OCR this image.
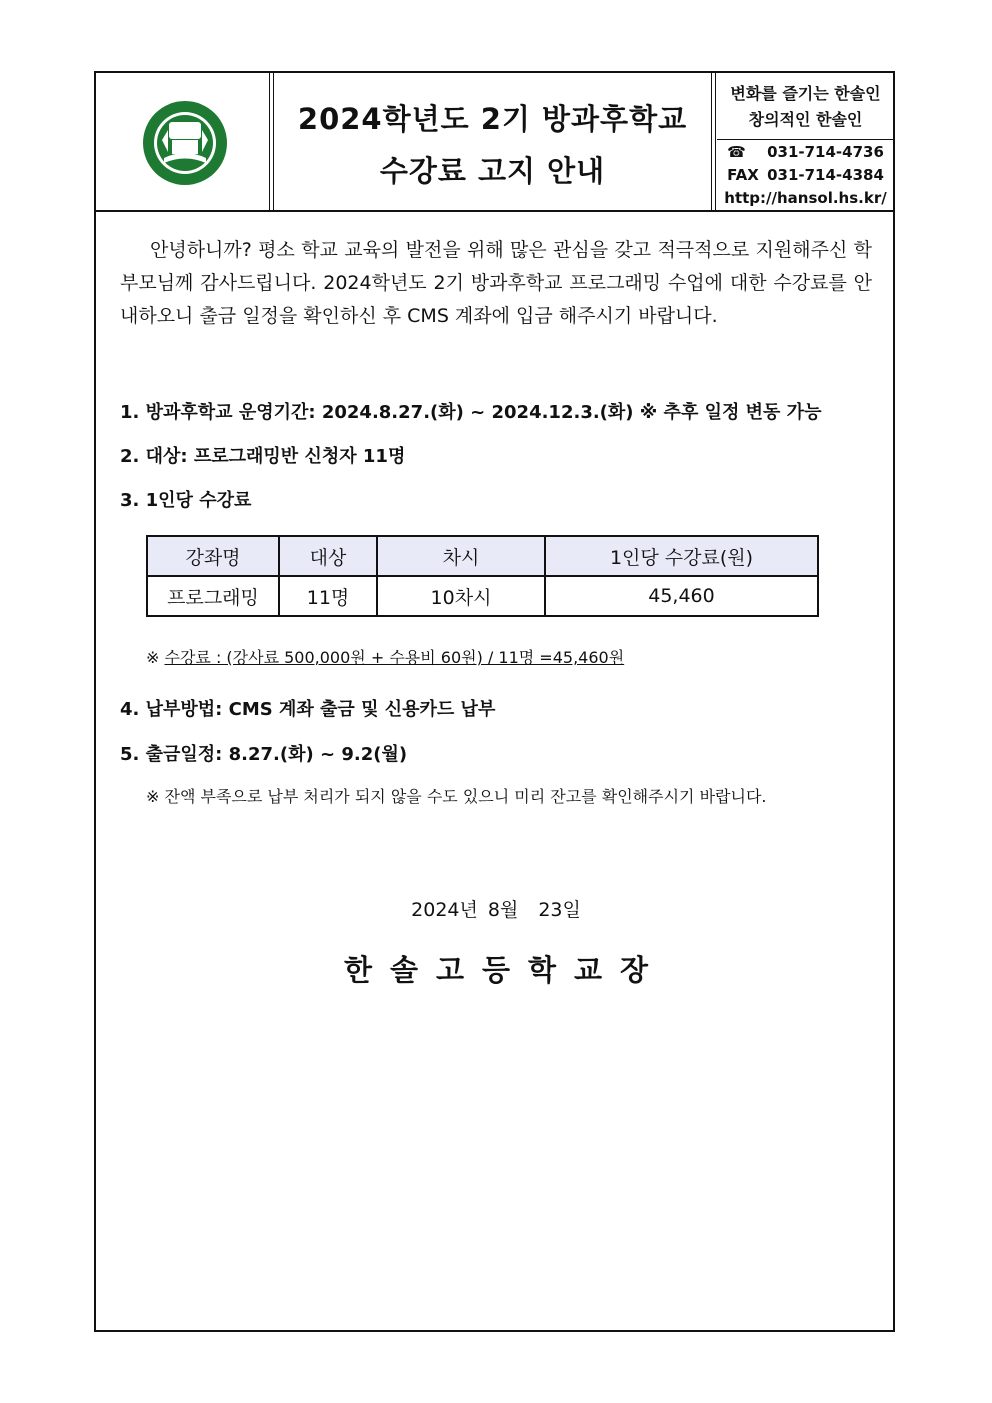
2024학년도 2기 방과후학교
수강료 고지 안내
변화를 즐기는 한솔인
창의적인 한솔인
☎ 031-714-4736
FAX 031-714-4384
http://hansol.hs.kr/

안녕하니까? 평소 학교 교육의 발전을 위해 많은 관심을 갖고 적극적으로 지원해주신 학부모님께 감사드립니다. 2024학년도 2기 방과후학교 프로그래밍 수업에 대한 수강료를 안내하오니 출금 일정을 확인하신 후 CMS 계좌에 입금 해주시기 바랍니다.

1. 방과후학교 운영기간: 2024.8.27.(화) ~ 2024.12.3.(화) ※ 추후 일정 변동 가능
2. 대상: 프로그래밍반 신청자 11명
3. 1인당 수강료
강좌명	대상	차시	1인당 수강료(원)
프로그래밍	11명	10차시	45,460
※ 수강료 : (강사료 500,000원 + 수용비 60원) / 11명 =45,460원
4. 납부방법: CMS 계좌 출금 및 신용카드 납부
5. 출금일정: 8.27.(화) ~ 9.2(월)
※ 잔액 부족으로 납부 처리가 되지 않을 수도 있으니 미리 잔고를 확인해주시기 바랍니다.
2024년 8월 23일
한솔고등학교장
